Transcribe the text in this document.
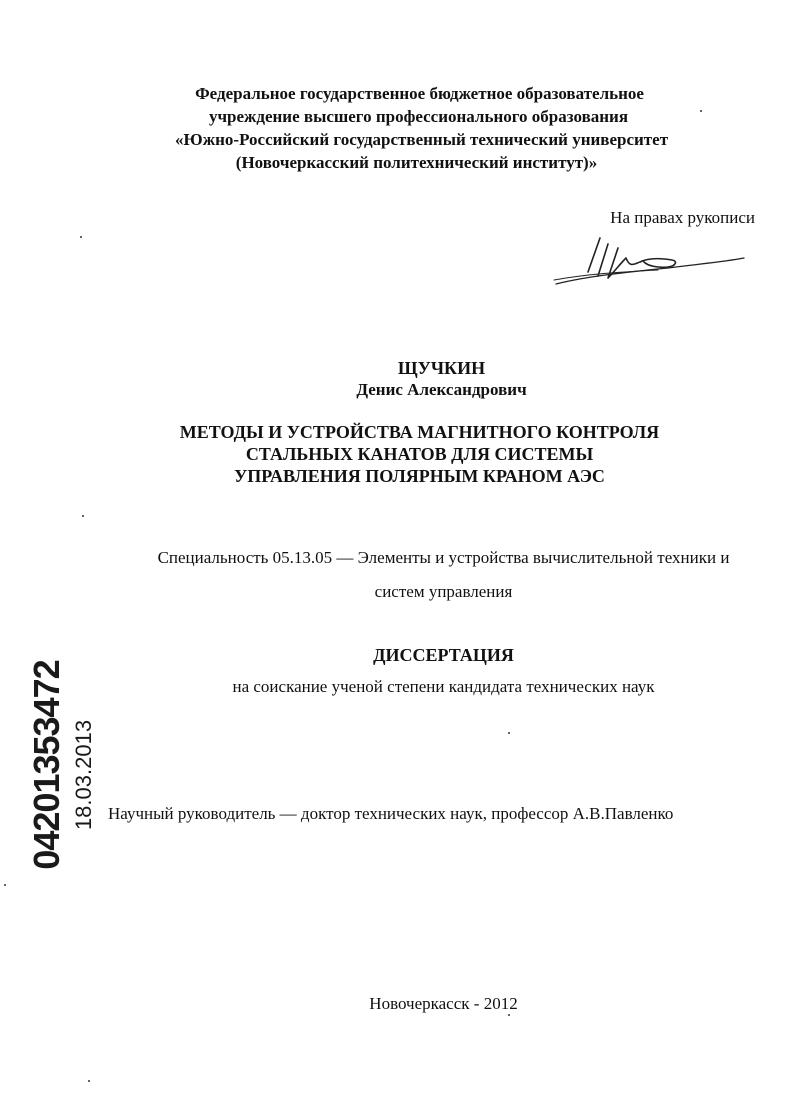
Федеральное государственное бюджетное образовательное
учреждение высшего профессионального образования
«Южно-Российский государственный технический университет
(Новочеркасский политехнический институт)»
На правах рукописи
ЩУЧКИН
Денис Александрович
МЕТОДЫ И УСТРОЙСТВА МАГНИТНОГО КОНТРОЛЯ
СТАЛЬНЫХ КАНАТОВ ДЛЯ СИСТЕМЫ
УПРАВЛЕНИЯ ПОЛЯРНЫМ КРАНОМ АЭС
Специальность 05.13.05 — Элементы и устройства вычислительной техники и
систем управления
ДИССЕРТАЦИЯ
на соискание ученой степени кандидата технических наук
Научный руководитель — доктор технических наук, профессор А.В.Павленко
Новочеркасск - 2012
04201353472 18.03.2013
